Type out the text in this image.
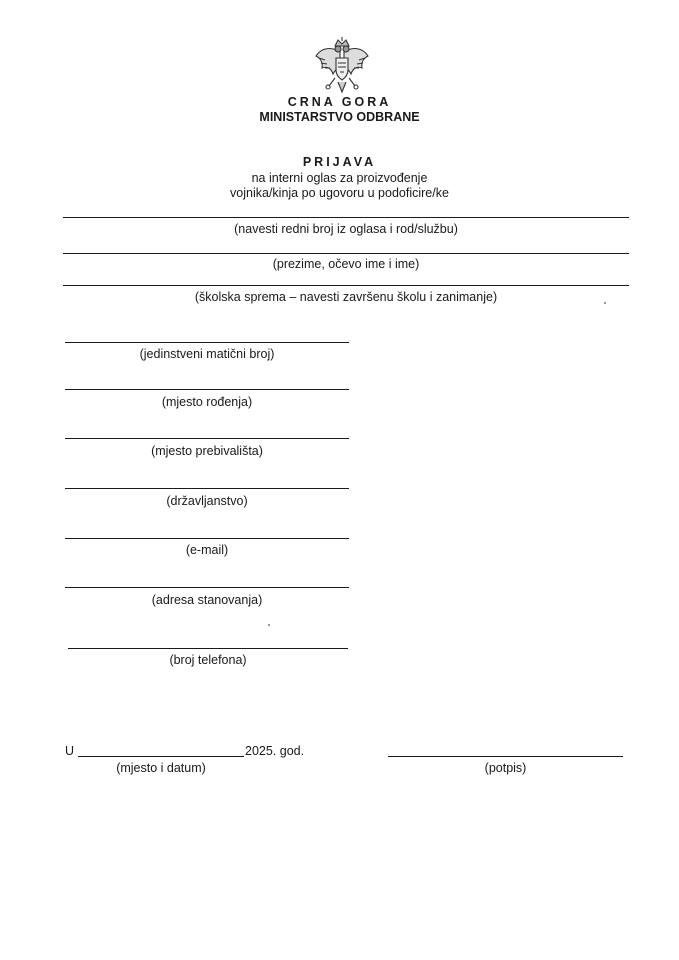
CRNA GORA
MINISTARSTVO ODBRANE
PRIJAVA
na interni oglas za proizvođenje
vojnika/kinja po ugovoru u podoficire/ke
(navesti redni broj iz oglasa i rod/službu)
(prezime, očevo ime i ime)
(školska sprema – navesti završenu školu i zanimanje)
(jedinstveni matični broj)
(mjesto rođenja)
(mjesto prebivališta)
(državljanstvo)
(e-mail)
(adresa stanovanja)
(broj telefona)
U	2025. god.
(mjesto i datum)	(potpis)
